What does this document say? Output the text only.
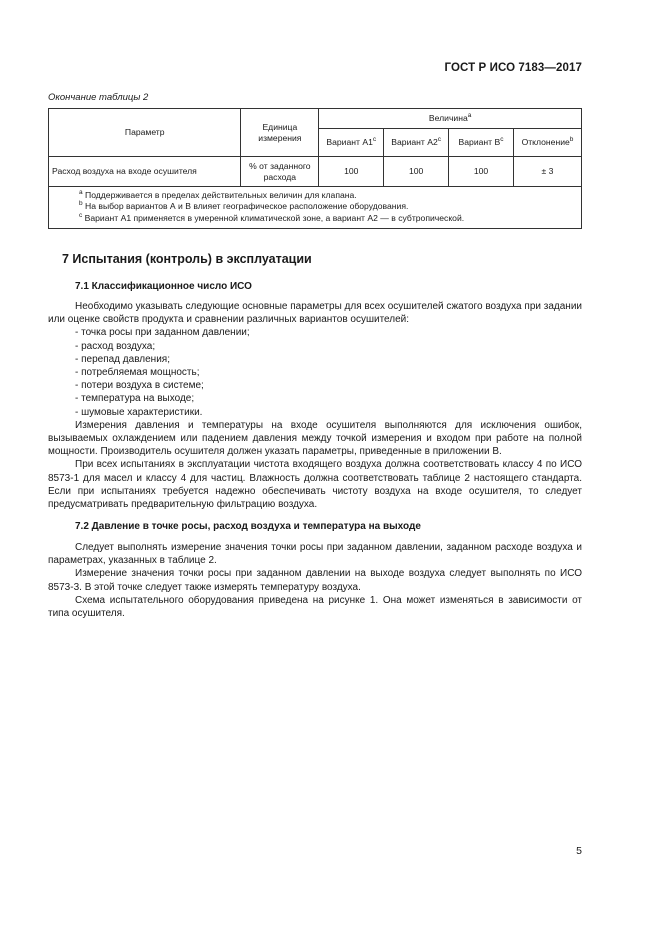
ГОСТ Р ИСО 7183—2017
Окончание таблицы 2
Параметр	Единица измерения	Величина$^а$
		Вариант А1$^c$	Вариант А2$^c$	Вариант $В^c$	Отклонение$^b$
Расход воздуха на входе осушителя	% от заданного расхода	100	100	100	± 3

$^a$ Поддерживается в пределах действительных величин для клапана.
$^b$ На выбор вариантов А и В влияет географическое расположение оборудования.
$^c$ Вариант А1 применяется в умеренной климатической зоне, а вариант А2 — в субтропической.					
7 Испытания (контроль) в эксплуатации
7.1 Классификационное число ИСО

Необходимо указывать следующие основные параметры для всех осушителей сжатого воздуха при задании или оценке свойств продукта и сравнении различных вариантов осушителей:

- точка росы при заданном давлении;
- расход воздуха;
- перепад давления;
- потребляемая мощность;
- потери воздуха в системе;
- температура на выходе;
- шумовые характеристики.

Измерения давления и температуры на входе осушителя выполняются для исключения ошибок, вызываемых охлаждением или падением давления между точкой измерения и входом при работе на полной мощности. Производитель осушителя должен указать параметры, приведенные в приложении В.

При всех испытаниях в эксплуатации чистота входящего воздуха должна соответствовать классу 4 по ИСО 8573-1 для масел и классу 4 для частиц. Влажность должна соответствовать таблице 2 настоящего стандарта. Если при испытаниях требуется надежно обеспечивать чистоту воздуха на входе осушителя, то следует предусматривать предварительную фильтрацию воздуха.

7.2 Давление в точке росы, расход воздуха и температура на выходе

Следует выполнять измерение значения точки росы при заданном давлении, заданном расходе воздуха и параметрах, указанных в таблице 2.

Измерение значения точки росы при заданном давлении на выходе воздуха следует выполнять по ИСО 8573-3. В этой точке следует также измерять температуру воздуха.

Схема испытательного оборудования приведена на рисунке 1. Она может изменяться в зависимости от типа осушителя.

5
